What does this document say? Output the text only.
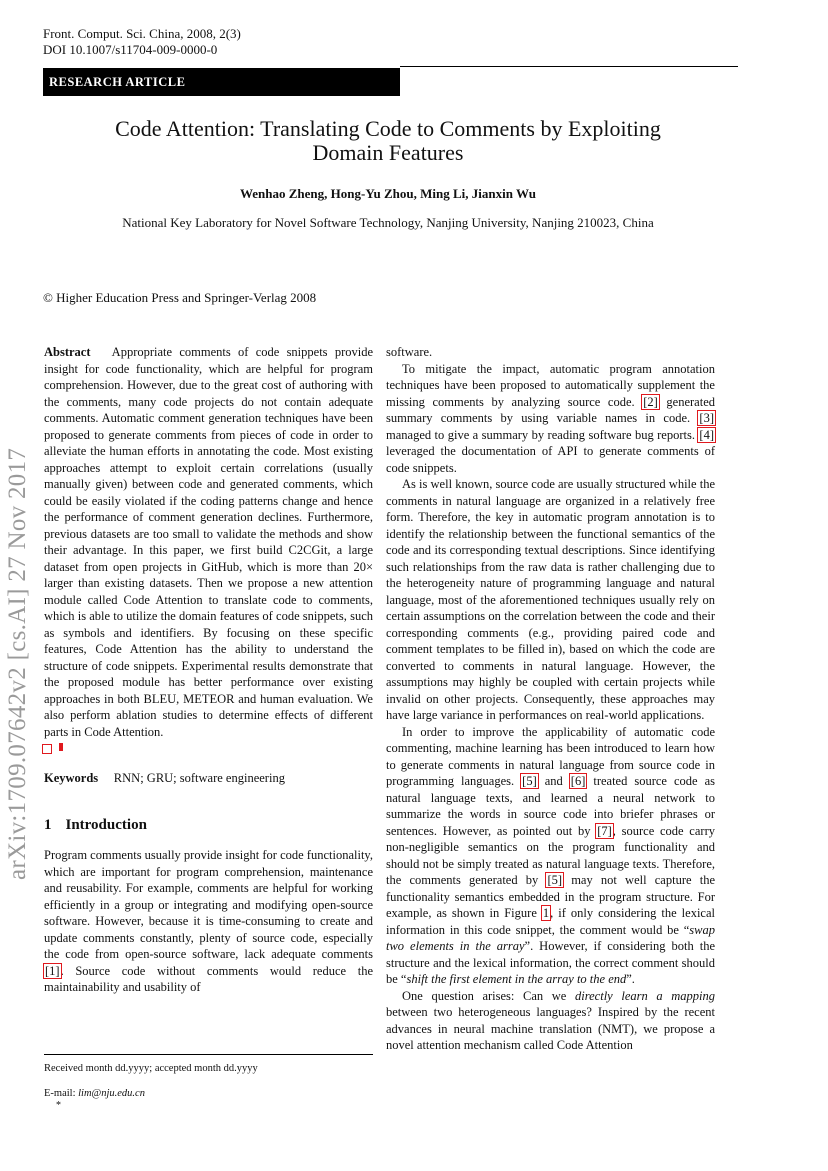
Front. Comput. Sci. China, 2008, 2(3)
DOI 10.1007/s11704-009-0000-0
RESEARCH ARTICLE
Code Attention: Translating Code to Comments by Exploiting
Domain Features
Wenhao Zheng, Hong-Yu Zhou, Ming Li, Jianxin Wu
National Key Laboratory for Novel Software Technology, Nanjing University, Nanjing 210023, China
© Higher Education Press and Springer-Verlag 2008
arXiv:1709.07642v2 [cs.AI] 27 Nov 2017

Abstract Appropriate comments of code snippets provide insight for code functionality, which are helpful for program comprehension. However, due to the great cost of authoring with the comments, many code projects do not contain adequate comments. Automatic comment generation techniques have been proposed to generate comments from pieces of code in order to alleviate the human efforts in annotating the code. Most existing approaches attempt to exploit certain correlations (usually manually given) between code and generated comments, which could be easily violated if the coding patterns change and hence the performance of comment generation declines. Furthermore, previous datasets are too small to validate the methods and show their advantage. In this paper, we first build C2CGit, a large dataset from open projects in GitHub, which is more than 20× larger than existing datasets. Then we propose a new attention module called Code Attention to translate code to comments, which is able to utilize the domain features of code snippets, such as symbols and identifiers. By focusing on these specific features, Code Attention has the ability to understand the structure of code snippets. Experimental results demonstrate that the proposed module has better performance over existing approaches in both BLEU, METEOR and human evaluation. We also perform ablation studies to determine effects of different parts in Code Attention.

Keywords RNN; GRU; software engineering
1 Introduction

Program comments usually provide insight for code functionality, which are important for program comprehension, maintenance and reusability. For example, comments are helpful for working efficiently in a group or integrating and modifying open-source software. However, because it is time-consuming to create and update comments constantly, plenty of source code, especially the code from open-source software, lack adequate comments [1]. Source code without comments would reduce the maintainability and usability of

software.

To mitigate the impact, automatic program annotation techniques have been proposed to automatically supplement the missing comments by analyzing source code. [2] generated summary comments by using variable names in code. [3] managed to give a summary by reading software bug reports. [4] leveraged the documentation of API to generate comments of code snippets.

As is well known, source code are usually structured while the comments in natural language are organized in a relatively free form. Therefore, the key in automatic program annotation is to identify the relationship between the functional semantics of the code and its corresponding textual descriptions. Since identifying such relationships from the raw data is rather challenging due to the heterogeneity nature of programming language and natural language, most of the aforementioned techniques usually rely on certain assumptions on the correlation between the code and their corresponding comments (e.g., providing paired code and comment templates to be filled in), based on which the code are converted to comments in natural language. However, the assumptions may highly be coupled with certain projects while invalid on other projects. Consequently, these approaches may have large variance in performances on real-world applications.

In order to improve the applicability of automatic code commenting, machine learning has been introduced to learn how to generate comments in natural language from source code in programming languages. [5] and [6] treated source code as natural language texts, and learned a neural network to summarize the words in source code into briefer phrases or sentences. However, as pointed out by [7], source code carry non-negligible semantics on the program functionality and should not be simply treated as natural language texts. Therefore, the comments generated by [5] may not well capture the functionality semantics embedded in the program structure. For example, as shown in Figure 1, if only considering the lexical information in this code snippet, the comment would be “swap two elements in the array”. However, if considering both the structure and the lexical information, the correct comment should be “shift the first element in the array to the end”.

One question arises: Can we directly learn a mapping between two heterogeneous languages? Inspired by the recent advances in neural machine translation (NMT), we propose a novel attention mechanism called Code Attention

Received month dd.yyyy; accepted month dd.yyyy
E-mail: lim@nju.edu.cn
*
